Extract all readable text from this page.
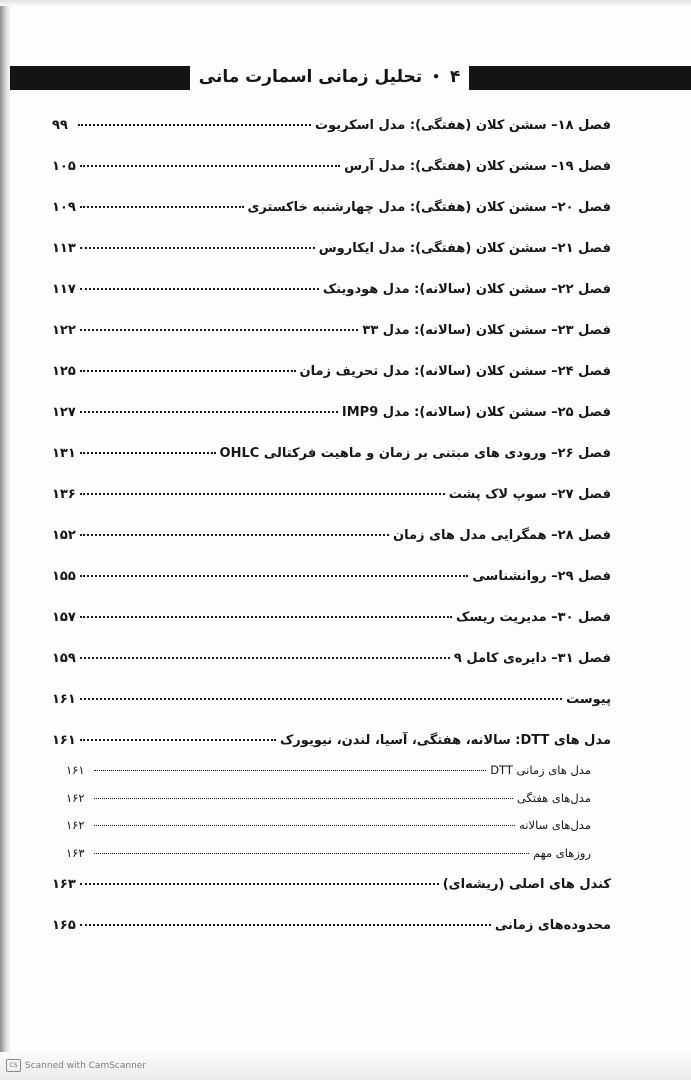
۴
•
تحلیل زمانی اسمارت مانی
فصل ۱۸– سشن کلان (هفتگی): مدل اسکریوت
۹۹
فصل ۱۹– سشن کلان (هفتگی): مدل آرس
۱۰۵
فصل ۲۰– سشن کلان (هفتگی): مدل چهارشنبه خاکستری
۱۰۹
فصل ۲۱– سشن کلان (هفتگی): مدل ایکاروس
۱۱۳
فصل ۲۲– سشن کلان (سالانه): مدل هودوینک
۱۱۷
فصل ۲۳– سشن کلان (سالانه): مدل ۳۳
۱۲۲
فصل ۲۴– سشن کلان (سالانه): مدل تحریف زمان
۱۲۵
فصل ۲۵– سشن کلان (سالانه): مدل IMP9
۱۲۷
فصل ۲۶– ورودی های مبتنی بر زمان و ماهیت فرکتالی OHLC
۱۳۱
فصل ۲۷– سوپ لاک پشت
۱۳۶
فصل ۲۸– همگرایی مدل های زمان
۱۵۲
فصل ۲۹– روانشناسی
۱۵۵
فصل ۳۰– مدیریت ریسک
۱۵۷
فصل ۳۱– دایره‌ی کامل ۹
۱۵۹
پیوست
۱۶۱
مدل های DTT: سالانه، هفتگی، آسیا، لندن، نیویورک
۱۶۱
مدل های زمانی DTT
۱۶۱
مدل‌های هفتگی
۱۶۲
مدل‌های سالانه
۱۶۲
روزهای مهم
۱۶۳
کندل های اصلی (ریشه‌ای)
۱۶۳
محدوده‌های زمانی
۱۶۵
CS Scanned with CamScanner
